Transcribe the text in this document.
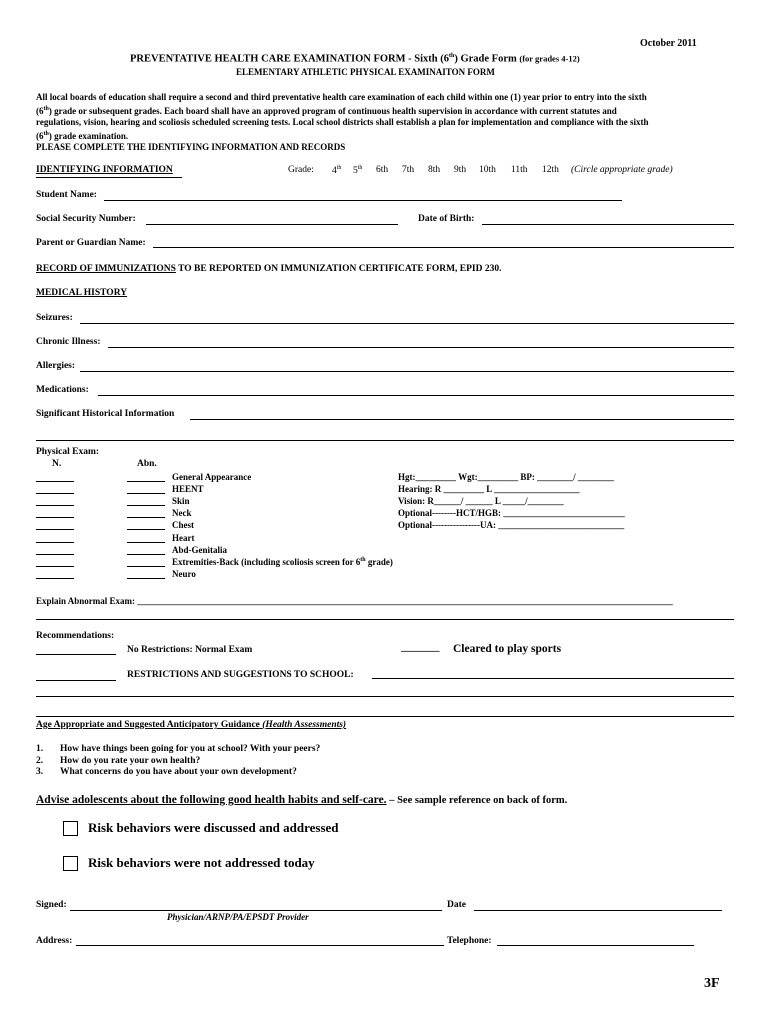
October 2011
PREVENTATIVE HEALTH CARE EXAMINATION FORM - Sixth (6th) Grade Form (for grades 4-12)
ELEMENTARY ATHLETIC PHYSICAL EXAMINAITON FORM
All local boards of education shall require a second and third preventative health care examination of each child within one (1) year prior to entry into the sixth
(6th) grade or subsequent grades. Each board shall have an approved program of continuous health supervision in accordance with current statutes and
regulations, vision, hearing and scoliosis scheduled screening tests. Local school districts shall establish a plan for implementation and compliance with the sixth
(6th) grade examination.
PLEASE COMPLETE THE IDENTIFYING INFORMATION AND RECORDS
IDENTIFYING INFORMATION	Grade: 4th 5th 6th 7th 8th 9th 10th 11th 12th (Circle appropriate grade)
Student Name:
Social Security Number:	Date of Birth:
Parent or Guardian Name:
RECORD OF IMMUNIZATIONS TO BE REPORTED ON IMMUNIZATION CERTIFICATE FORM, EPID 230.
MEDICAL HISTORY
Seizures:
Chronic Illness:
Allergies:
Medications:
Significant Historical Information
Physical Exam:
N.	Abn.
General Appearance
HEENT
Skin
Neck
Chest
Heart
Abd-Genitalia
Extremities-Back (including scoliosis screen for 6th grade)
Neuro
Hgt:_________ Wgt:_________ BP: ________/ ________
Hearing: R _________ L ___________________
Vision: R______/ ______ L _____/________
Optional--------HCT/HGB: ___________________________
Optional----------------UA: ____________________________
Explain Abnormal Exam: _______________________________________________________________________________________________________________________
Recommendations:
No Restrictions: Normal Exam	_______ Cleared to play sports
RESTRICTIONS AND SUGGESTIONS TO SCHOOL:
Age Appropriate and Suggested Anticipatory Guidance (Health Assessments)
1. How have things been going for you at school? With your peers?
2. How do you rate your own health?
3. What concerns do you have about your own development?
Advise adolescents about the following good health habits and self-care. – See sample reference on back of form.
Risk behaviors were discussed and addressed
Risk behaviors were not addressed today
Signed:	Date
Physician/ARNP/PA/EPSDT Provider
Address:	Telephone:
3F
